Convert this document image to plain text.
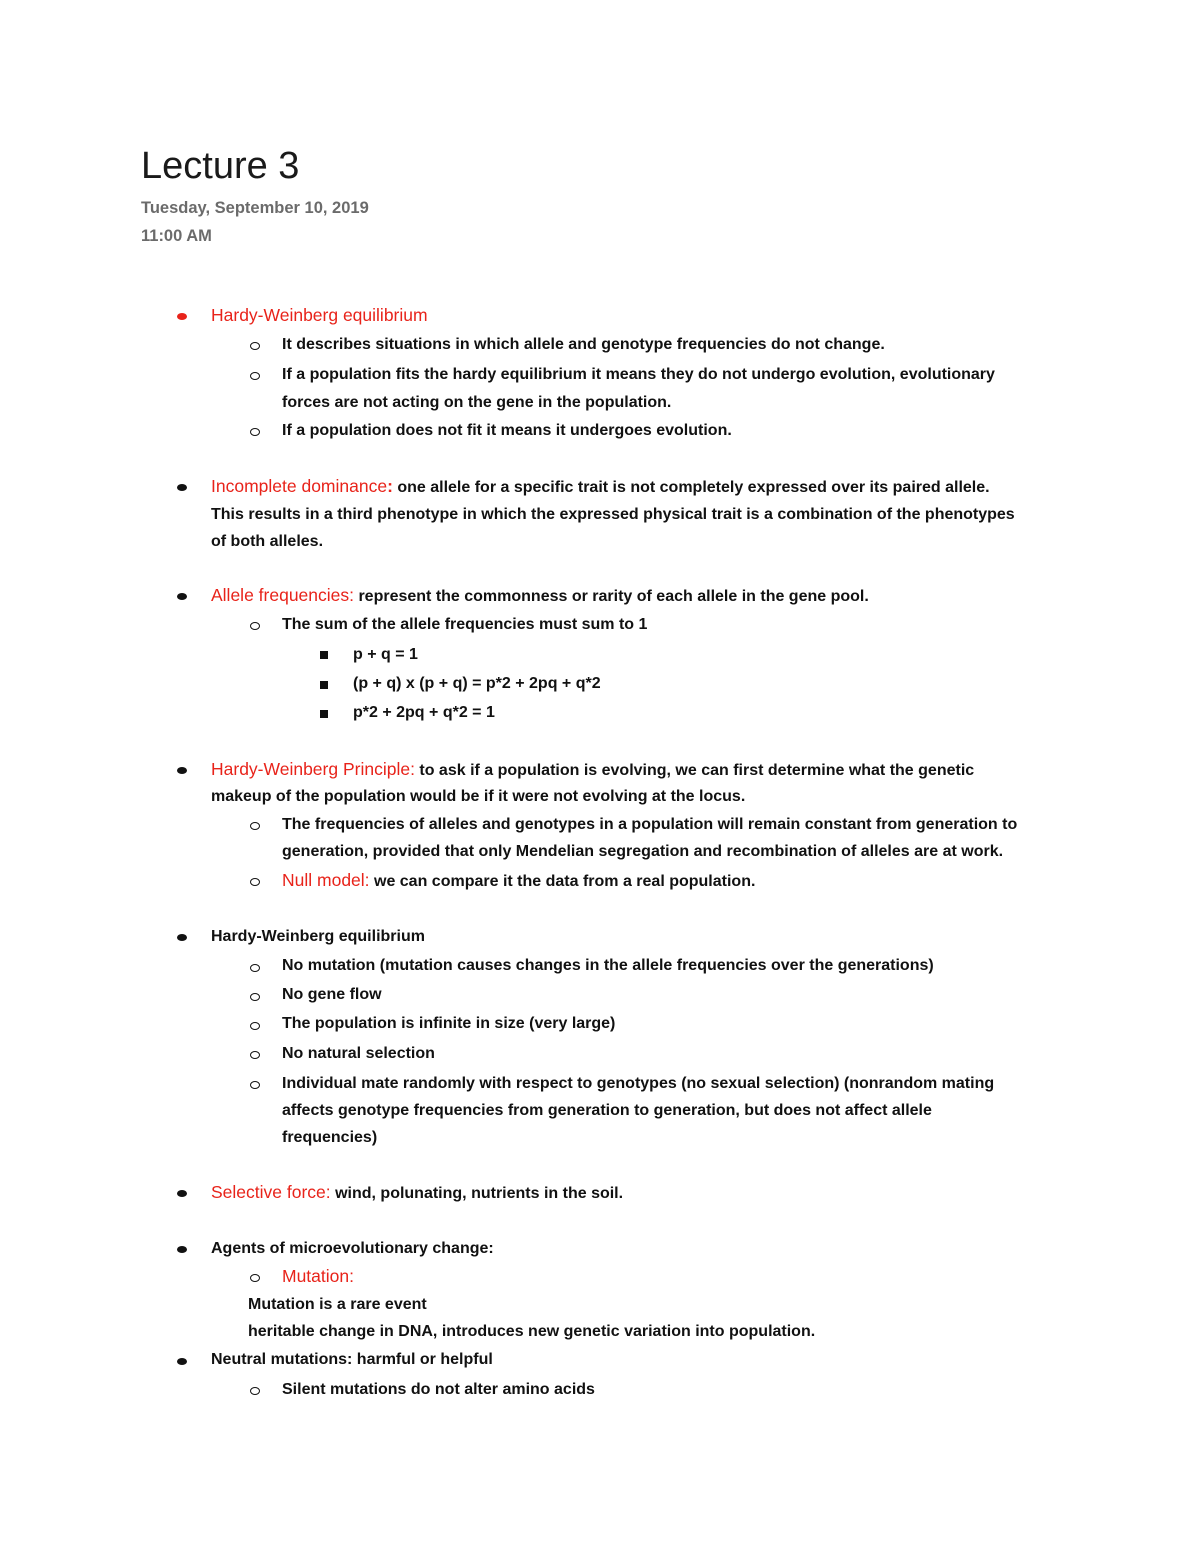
Lecture 3
Tuesday, September 10, 2019
11:00 AM
Hardy-Weinberg equilibrium
It describes situations in which allele and genotype frequencies do not change.
If a population fits the hardy equilibrium it means they do not undergo evolution, evolutionary
forces are not acting on the gene in the population.
If a population does not fit it means it undergoes evolution.
Incomplete dominance: one allele for a specific trait is not completely expressed over its paired allele.
This results in a third phenotype in which the expressed physical trait is a combination of the phenotypes
of both alleles.
Allele frequencies: represent the commonness or rarity of each allele in the gene pool.
The sum of the allele frequencies must sum to 1
p + q = 1
(p + q) x (p + q) = p*2 + 2pq + q*2
p*2 + 2pq + q*2 = 1
Hardy-Weinberg Principle: to ask if a population is evolving, we can first determine what the genetic
makeup of the population would be if it were not evolving at the locus.
The frequencies of alleles and genotypes in a population will remain constant from generation to
generation, provided that only Mendelian segregation and recombination of alleles are at work.
Null model: we can compare it the data from a real population.
Hardy-Weinberg equilibrium
No mutation (mutation causes changes in the allele frequencies over the generations)
No gene flow
The population is infinite in size (very large)
No natural selection
Individual mate randomly with respect to genotypes (no sexual selection) (nonrandom mating
affects genotype frequencies from generation to generation, but does not affect allele
frequencies)
Selective force: wind, polunating, nutrients in the soil.
Agents of microevolutionary change:
Mutation:
Mutation is a rare event
heritable change in DNA, introduces new genetic variation into population.
Neutral mutations: harmful or helpful
Silent mutations do not alter amino acids
